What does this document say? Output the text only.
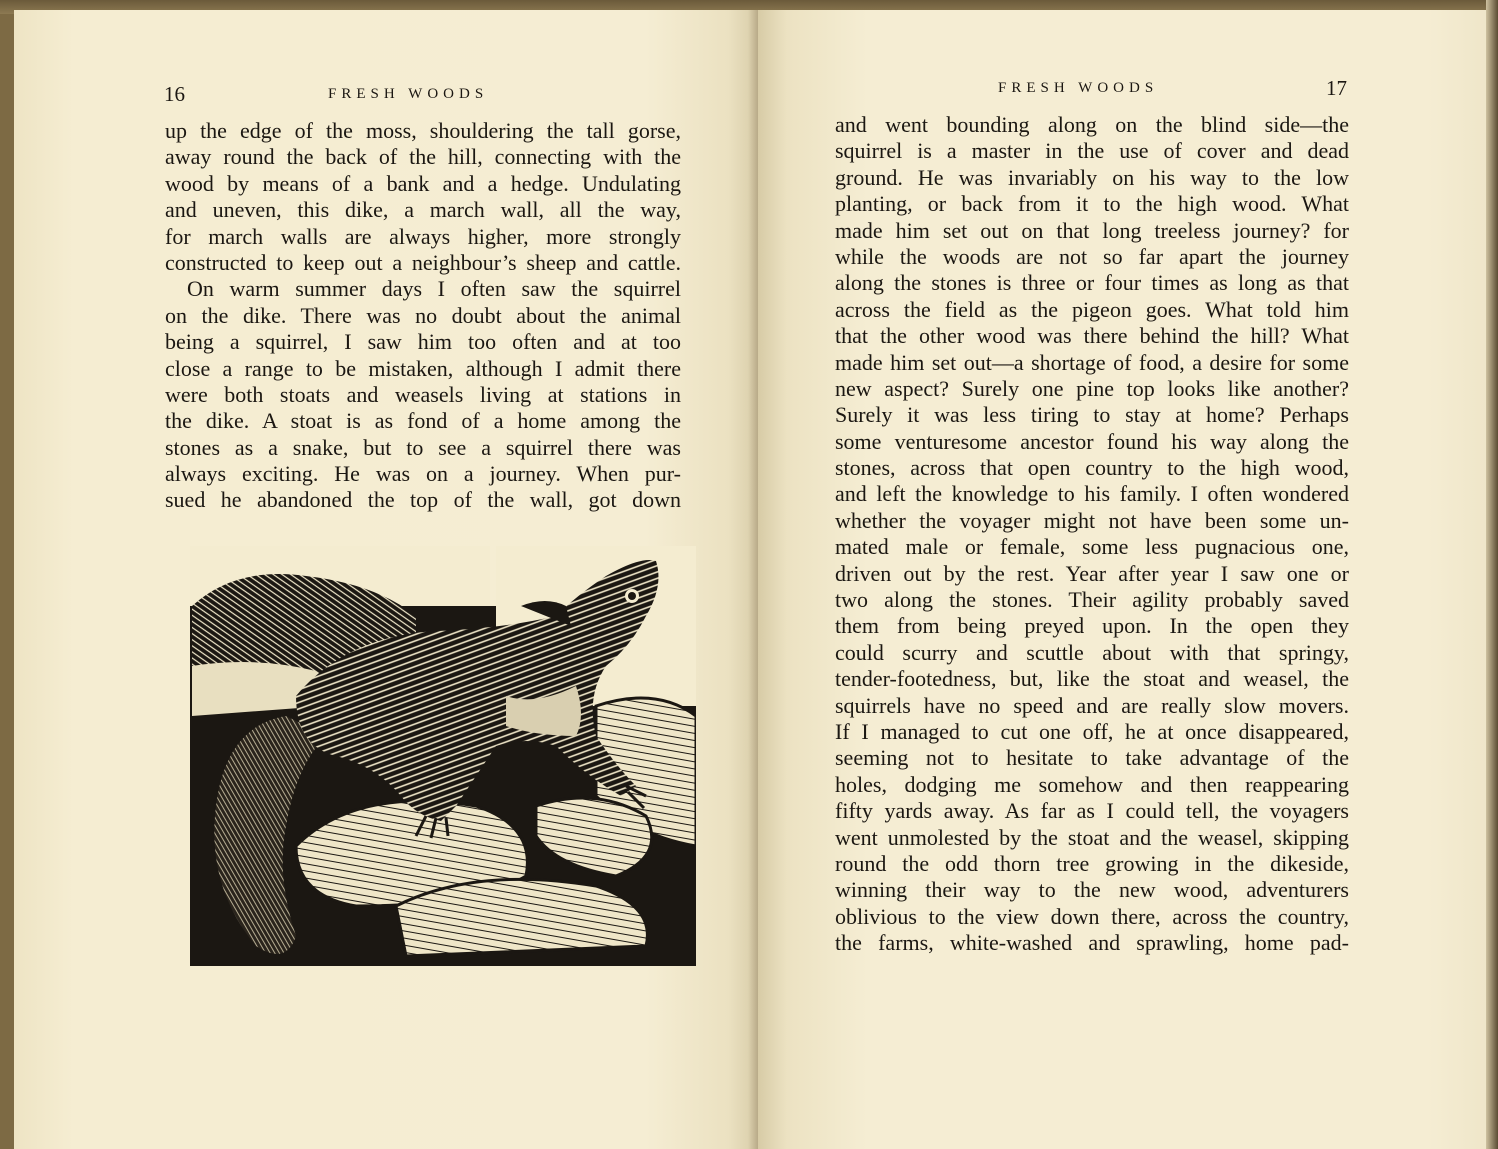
16	FRESH WOODS
up the edge of the moss, shouldering the tall gorse,
away round the back of the hill, connecting with the
wood by means of a bank and a hedge. Undulating
and uneven, this dike, a march wall, all the way,
for march walls are always higher, more strongly
constructed to keep out a neighbour’s sheep and cattle.
On warm summer days I often saw the squirrel
on the dike. There was no doubt about the animal
being a squirrel, I saw him too often and at too
close a range to be mistaken, although I admit there
were both stoats and weasels living at stations in
the dike. A stoat is as fond of a home among the
stones as a snake, but to see a squirrel there was
always exciting. He was on a journey. When pur-
sued he abandoned the top of the wall, got down
FRESH WOODS	17
and went bounding along on the blind side—the
squirrel is a master in the use of cover and dead
ground. He was invariably on his way to the low
planting, or back from it to the high wood. What
made him set out on that long treeless journey? for
while the woods are not so far apart the journey
along the stones is three or four times as long as that
across the field as the pigeon goes. What told him
that the other wood was there behind the hill? What
made him set out—a shortage of food, a desire for some
new aspect? Surely one pine top looks like another?
Surely it was less tiring to stay at home? Perhaps
some venturesome ancestor found his way along the
stones, across that open country to the high wood,
and left the knowledge to his family. I often wondered
whether the voyager might not have been some un-
mated male or female, some less pugnacious one,
driven out by the rest. Year after year I saw one or
two along the stones. Their agility probably saved
them from being preyed upon. In the open they
could scurry and scuttle about with that springy,
tender-footedness, but, like the stoat and weasel, the
squirrels have no speed and are really slow movers.
If I managed to cut one off, he at once disappeared,
seeming not to hesitate to take advantage of the
holes, dodging me somehow and then reappearing
fifty yards away. As far as I could tell, the voyagers
went unmolested by the stoat and the weasel, skipping
round the odd thorn tree growing in the dikeside,
winning their way to the new wood, adventurers
oblivious to the view down there, across the country,
the farms, white-washed and sprawling, home pad-
